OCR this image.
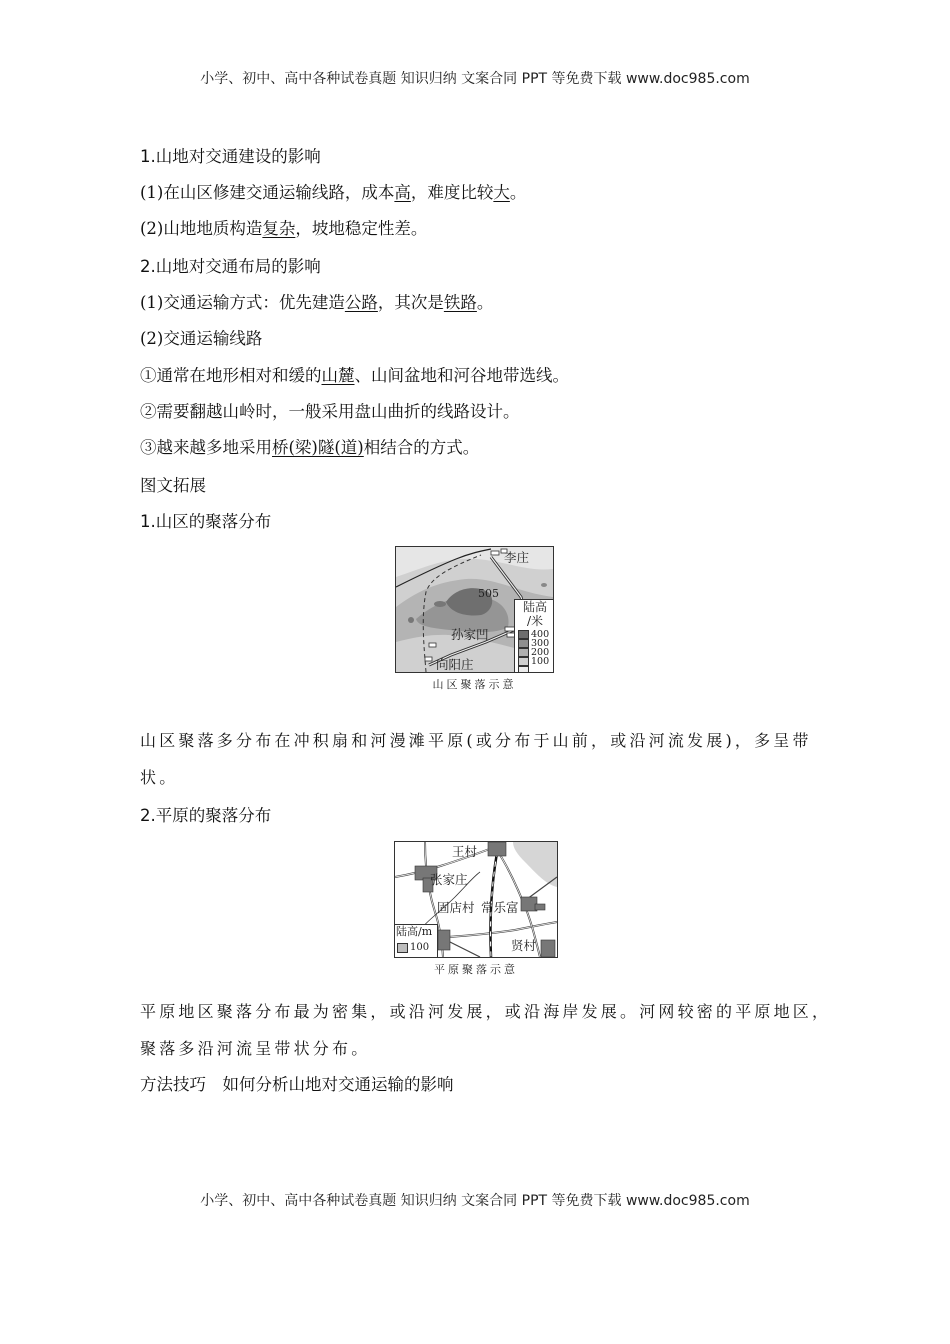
小学、初中、高中各种试卷真题 知识归纳 文案合同 PPT 等免费下载 www.doc985.com
1.山地对交通建设的影响
(1)在山区修建交通运输线路，成本高，难度比较大。
(2)山地地质构造复杂，坡地稳定性差。
2.山地对交通布局的影响
(1)交通运输方式：优先建造公路，其次是铁路。
(2)交通运输线路
①通常在地形相对和缓的山麓、山间盆地和河谷地带选线。
②需要翻越山岭时，一般采用盘山曲折的线路设计。
③越来越多地采用桥(梁)隧(道)相结合的方式。
图文拓展
1.山区的聚落分布
李庄
505
孙家凹
向阳庄
陆高
/米
400
300
200
100
山区聚落示意
山区聚落多分布在冲积扇和河漫滩平原(或分布于山前，或沿河流发展)，多呈带
状。
2.平原的聚落分布
王村
张家庄
固店村 常乐富
贤村
陆高/m
100
平原聚落示意
平原地区聚落分布最为密集，或沿河发展，或沿海岸发展。河网较密的平原地区，
聚落多沿河流呈带状分布。
方法技巧　如何分析山地对交通运输的影响
小学、初中、高中各种试卷真题 知识归纳 文案合同 PPT 等免费下载 www.doc985.com
